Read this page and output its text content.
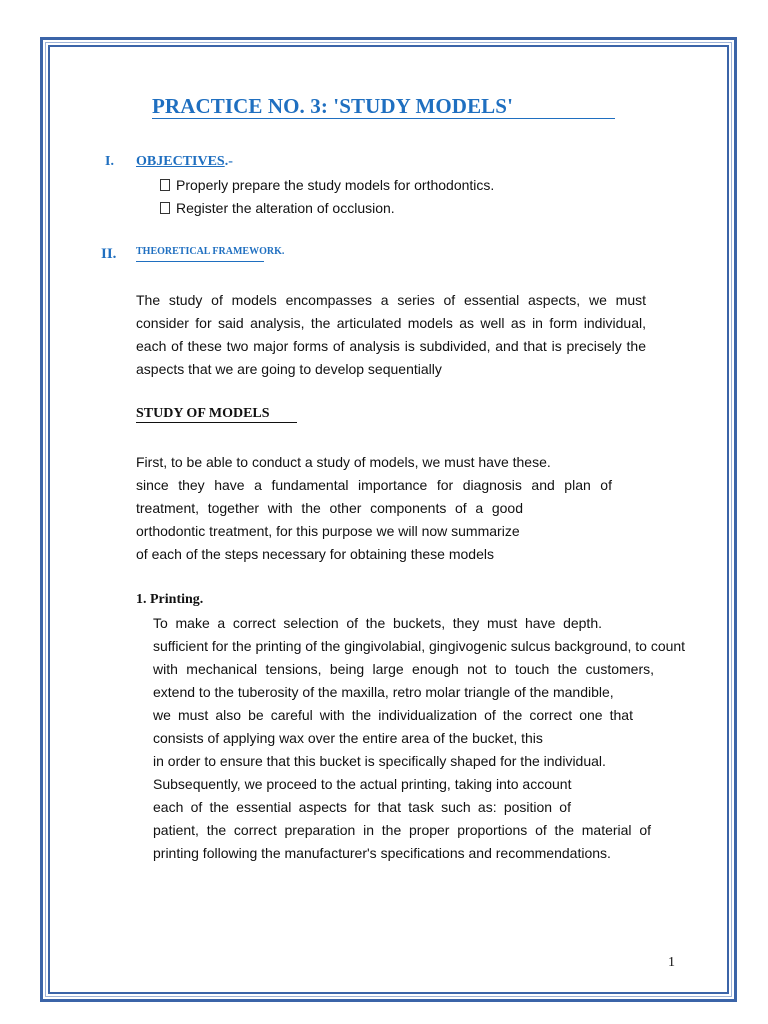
PRACTICE NO. 3: 'STUDY MODELS'
I. OBJECTIVES.-
Properly prepare the study models for orthodontics.
Register the alteration of occlusion.
II. THEORETICAL FRAMEWORK.
The study of models encompasses a series of essential aspects, we must consider for said analysis, the articulated models as well as in form individual, each of these two major forms of analysis is subdivided, and that is precisely the aspects that we are going to develop sequentially
STUDY OF MODELS
First, to be able to conduct a study of models, we must have these.
since they have a fundamental importance for diagnosis and plan of
treatment, together with the other components of a good
orthodontic treatment, for this purpose we will now summarize
of each of the steps necessary for obtaining these models
1. Printing.
To make a correct selection of the buckets, they must have depth.
sufficient for the printing of the gingivolabial, gingivogenic sulcus background, to count
with mechanical tensions, being large enough not to touch the customers,
extend to the tuberosity of the maxilla, retro molar triangle of the mandible,
we must also be careful with the individualization of the correct one that
consists of applying wax over the entire area of the bucket, this
in order to ensure that this bucket is specifically shaped for the individual.
Subsequently, we proceed to the actual printing, taking into account
each of the essential aspects for that task such as: position of
patient, the correct preparation in the proper proportions of the material of
printing following the manufacturer's specifications and recommendations.
1
